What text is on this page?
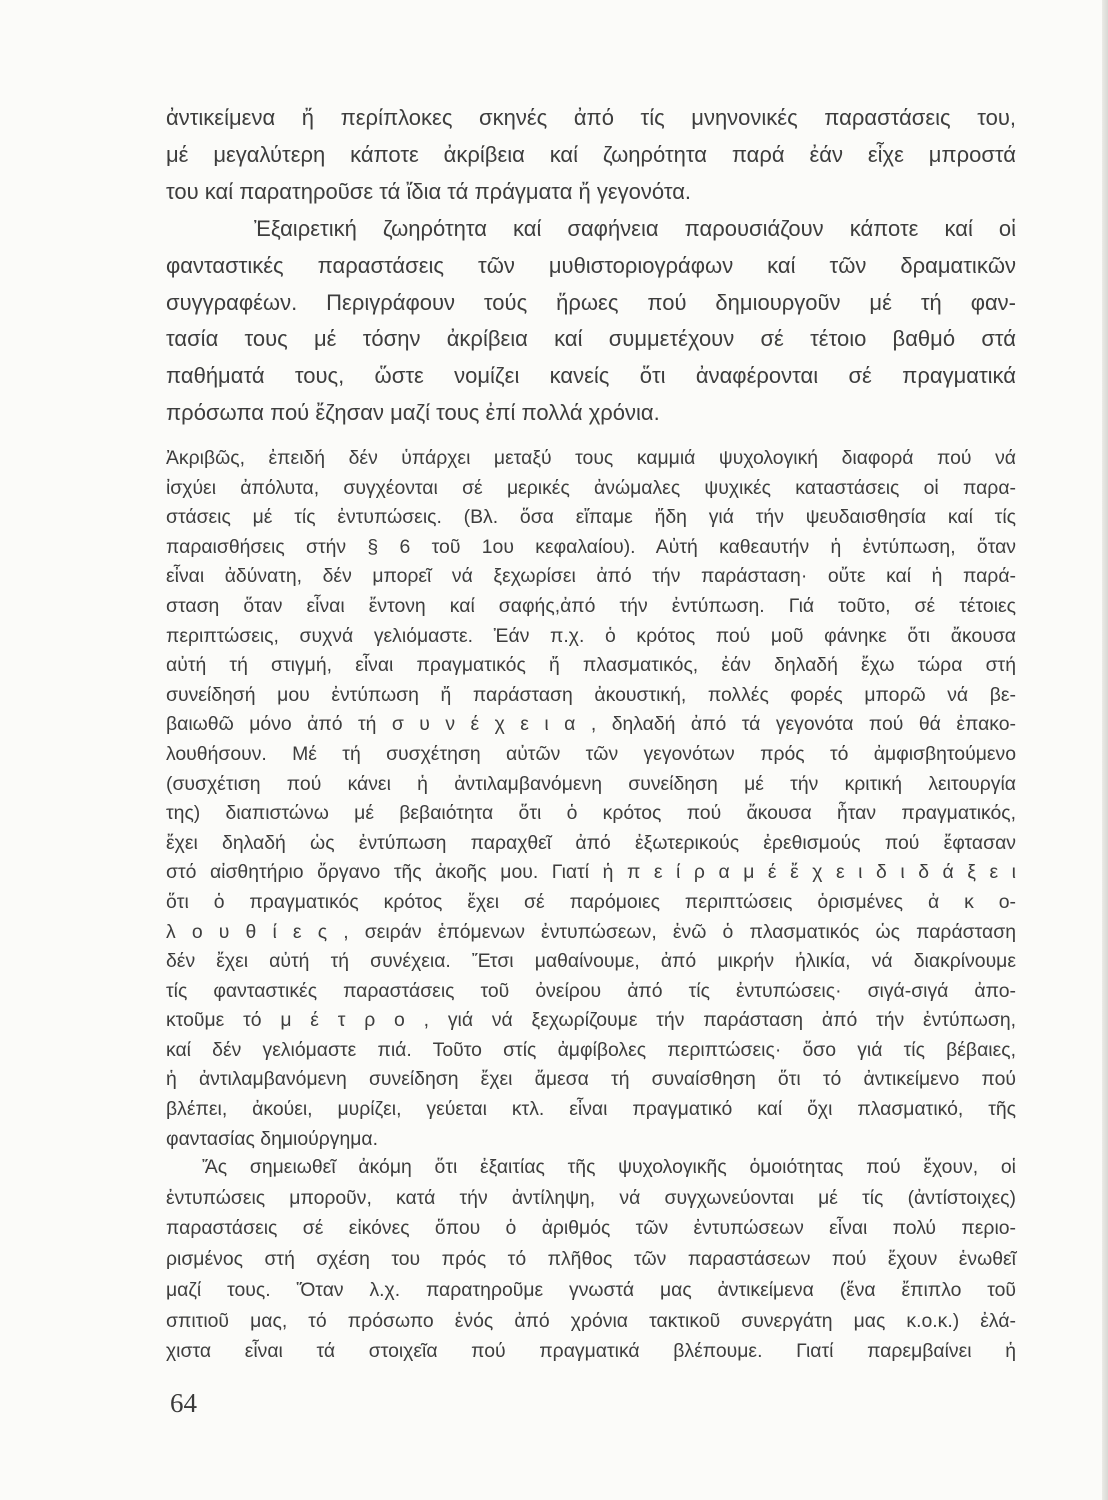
ἀντικείμενα ἤ περίπλοκες σκηνές ἀπό τίς μνηνονικές παραστάσεις του,
μέ μεγαλύτερη κάποτε ἀκρίβεια καί ζωηρότητα παρά ἐάν εἶχε μπροστά
του καί παρατηροῦσε τά ἴδια τά πράγματα ἤ γεγονότα.
Ἐξαιρετική ζωηρότητα καί σαφήνεια παρουσιάζουν κάποτε καί οἱ
φανταστικές παραστάσεις τῶν μυθιστοριογράφων καί τῶν δραματικῶν
συγγραφέων. Περιγράφουν τούς ἥρωες πού δημιουργοῦν μέ τή φαν-
τασία τους μέ τόσην ἀκρίβεια καί συμμετέχουν σέ τέτοιο βαθμό στά
παθήματά τους, ὥστε νομίζει κανείς ὅτι ἀναφέρονται σέ πραγματικά
πρόσωπα πού ἔζησαν μαζί τους ἐπί πολλά χρόνια.
Ἀκριβῶς, ἐπειδή δέν ὑπάρχει μεταξύ τους καμμιά ψυχολογική διαφορά πού νά
ἰσχύει ἀπόλυτα, συγχέονται σέ μερικές ἀνώμαλες ψυχικές καταστάσεις οἱ παρα-
στάσεις μέ τίς ἐντυπώσεις. (Βλ. ὅσα εἴπαμε ἤδη γιά τήν ψευδαισθησία καί τίς
παραισθήσεις στήν § 6 τοῦ 1ου κεφαλαίου). Αὐτή καθεαυτήν ἡ ἐντύπωση, ὅταν
εἶναι ἀδύνατη, δέν μπορεῖ νά ξεχωρίσει ἀπό τήν παράσταση· οὔτε καί ἡ παρά-
σταση ὅταν εἶναι ἔντονη καί σαφής,ἀπό τήν ἐντύπωση. Γιά τοῦτο, σέ τέτοιες
περιπτώσεις, συχνά γελιόμαστε. Ἐάν π.χ. ὁ κρότος πού μοῦ φάνηκε ὅτι ἄκουσα
αὐτή τή στιγμή, εἶναι πραγματικός ἤ πλασματικός, ἐάν δηλαδή ἔχω τώρα στή
συνείδησή μου ἐντύπωση ἤ παράσταση ἀκουστική, πολλές φορές μπορῶ νά βε-
βαιωθῶ μόνο ἀπό τή σ υ ν έ χ ε ι α , δηλαδή ἀπό τά γεγονότα πού θά ἐπακο-
λουθήσουν. Μέ τή συσχέτηση αὐτῶν τῶν γεγονότων πρός τό ἀμφισβητούμενο
(συσχέτιση πού κάνει ἡ ἀντιλαμβανόμενη συνείδηση μέ τήν κριτική λειτουργία
της) διαπιστώνω μέ βεβαιότητα ὅτι ὁ κρότος πού ἄκουσα ἦταν πραγματικός,
ἔχει δηλαδή ὡς ἐντύπωση παραχθεῖ ἀπό ἐξωτερικούς ἐρεθισμούς πού ἔφτασαν
στό αἰσθητήριο ὄργανο τῆς ἀκοῆς μου. Γιατί ἡ π ε ί ρ α μ έ ἔ χ ε ι δ ι δ ά ξ ε ι
ὅτι ὁ πραγματικός κρότος ἔχει σέ παρόμοιες περιπτώσεις ὁρισμένες ἀ κ ο-
λ ο υ θ ί ε ς , σειράν ἑπόμενων ἐντυπώσεων, ἐνῶ ὁ πλασματικός ὡς παράσταση
δέν ἔχει αὐτή τή συνέχεια. Ἔτσι μαθαίνουμε, ἀπό μικρήν ἡλικία, νά διακρίνουμε
τίς φανταστικές παραστάσεις τοῦ ὀνείρου ἀπό τίς ἐντυπώσεις· σιγά-σιγά ἀπο-
κτοῦμε τό μ έ τ ρ ο , γιά νά ξεχωρίζουμε τήν παράσταση ἀπό τήν ἐντύπωση,
καί δέν γελιόμαστε πιά. Τοῦτο στίς ἀμφίβολες περιπτώσεις· ὅσο γιά τίς βέβαιες,
ἡ ἀντιλαμβανόμενη συνείδηση ἔχει ἄμεσα τή συναίσθηση ὅτι τό ἀντικείμενο πού
βλέπει, ἀκούει, μυρίζει, γεύεται κτλ. εἶναι πραγματικό καί ὄχι πλασματικό, τῆς
φαντασίας δημιούργημα.
Ἄς σημειωθεῖ ἀκόμη ὅτι ἐξαιτίας τῆς ψυχολογικῆς ὁμοιότητας πού ἔχουν, οἱ
ἐντυπώσεις μποροῦν, κατά τήν ἀντίληψη, νά συγχωνεύονται μέ τίς (ἀντίστοιχες)
παραστάσεις σέ εἰκόνες ὅπου ὁ ἀριθμός τῶν ἐντυπώσεων εἶναι πολύ περιο-
ρισμένος στή σχέση του πρός τό πλῆθος τῶν παραστάσεων πού ἔχουν ἑνωθεῖ
μαζί τους. Ὅταν λ.χ. παρατηροῦμε γνωστά μας ἀντικείμενα (ἕνα ἔπιπλο τοῦ
σπιτιοῦ μας, τό πρόσωπο ἑνός ἀπό χρόνια τακτικοῦ συνεργάτη μας κ.ο.κ.) ἐλά-
χιστα εἶναι τά στοιχεῖα πού πραγματικά βλέπουμε. Γιατί παρεμβαίνει ἡ
64
